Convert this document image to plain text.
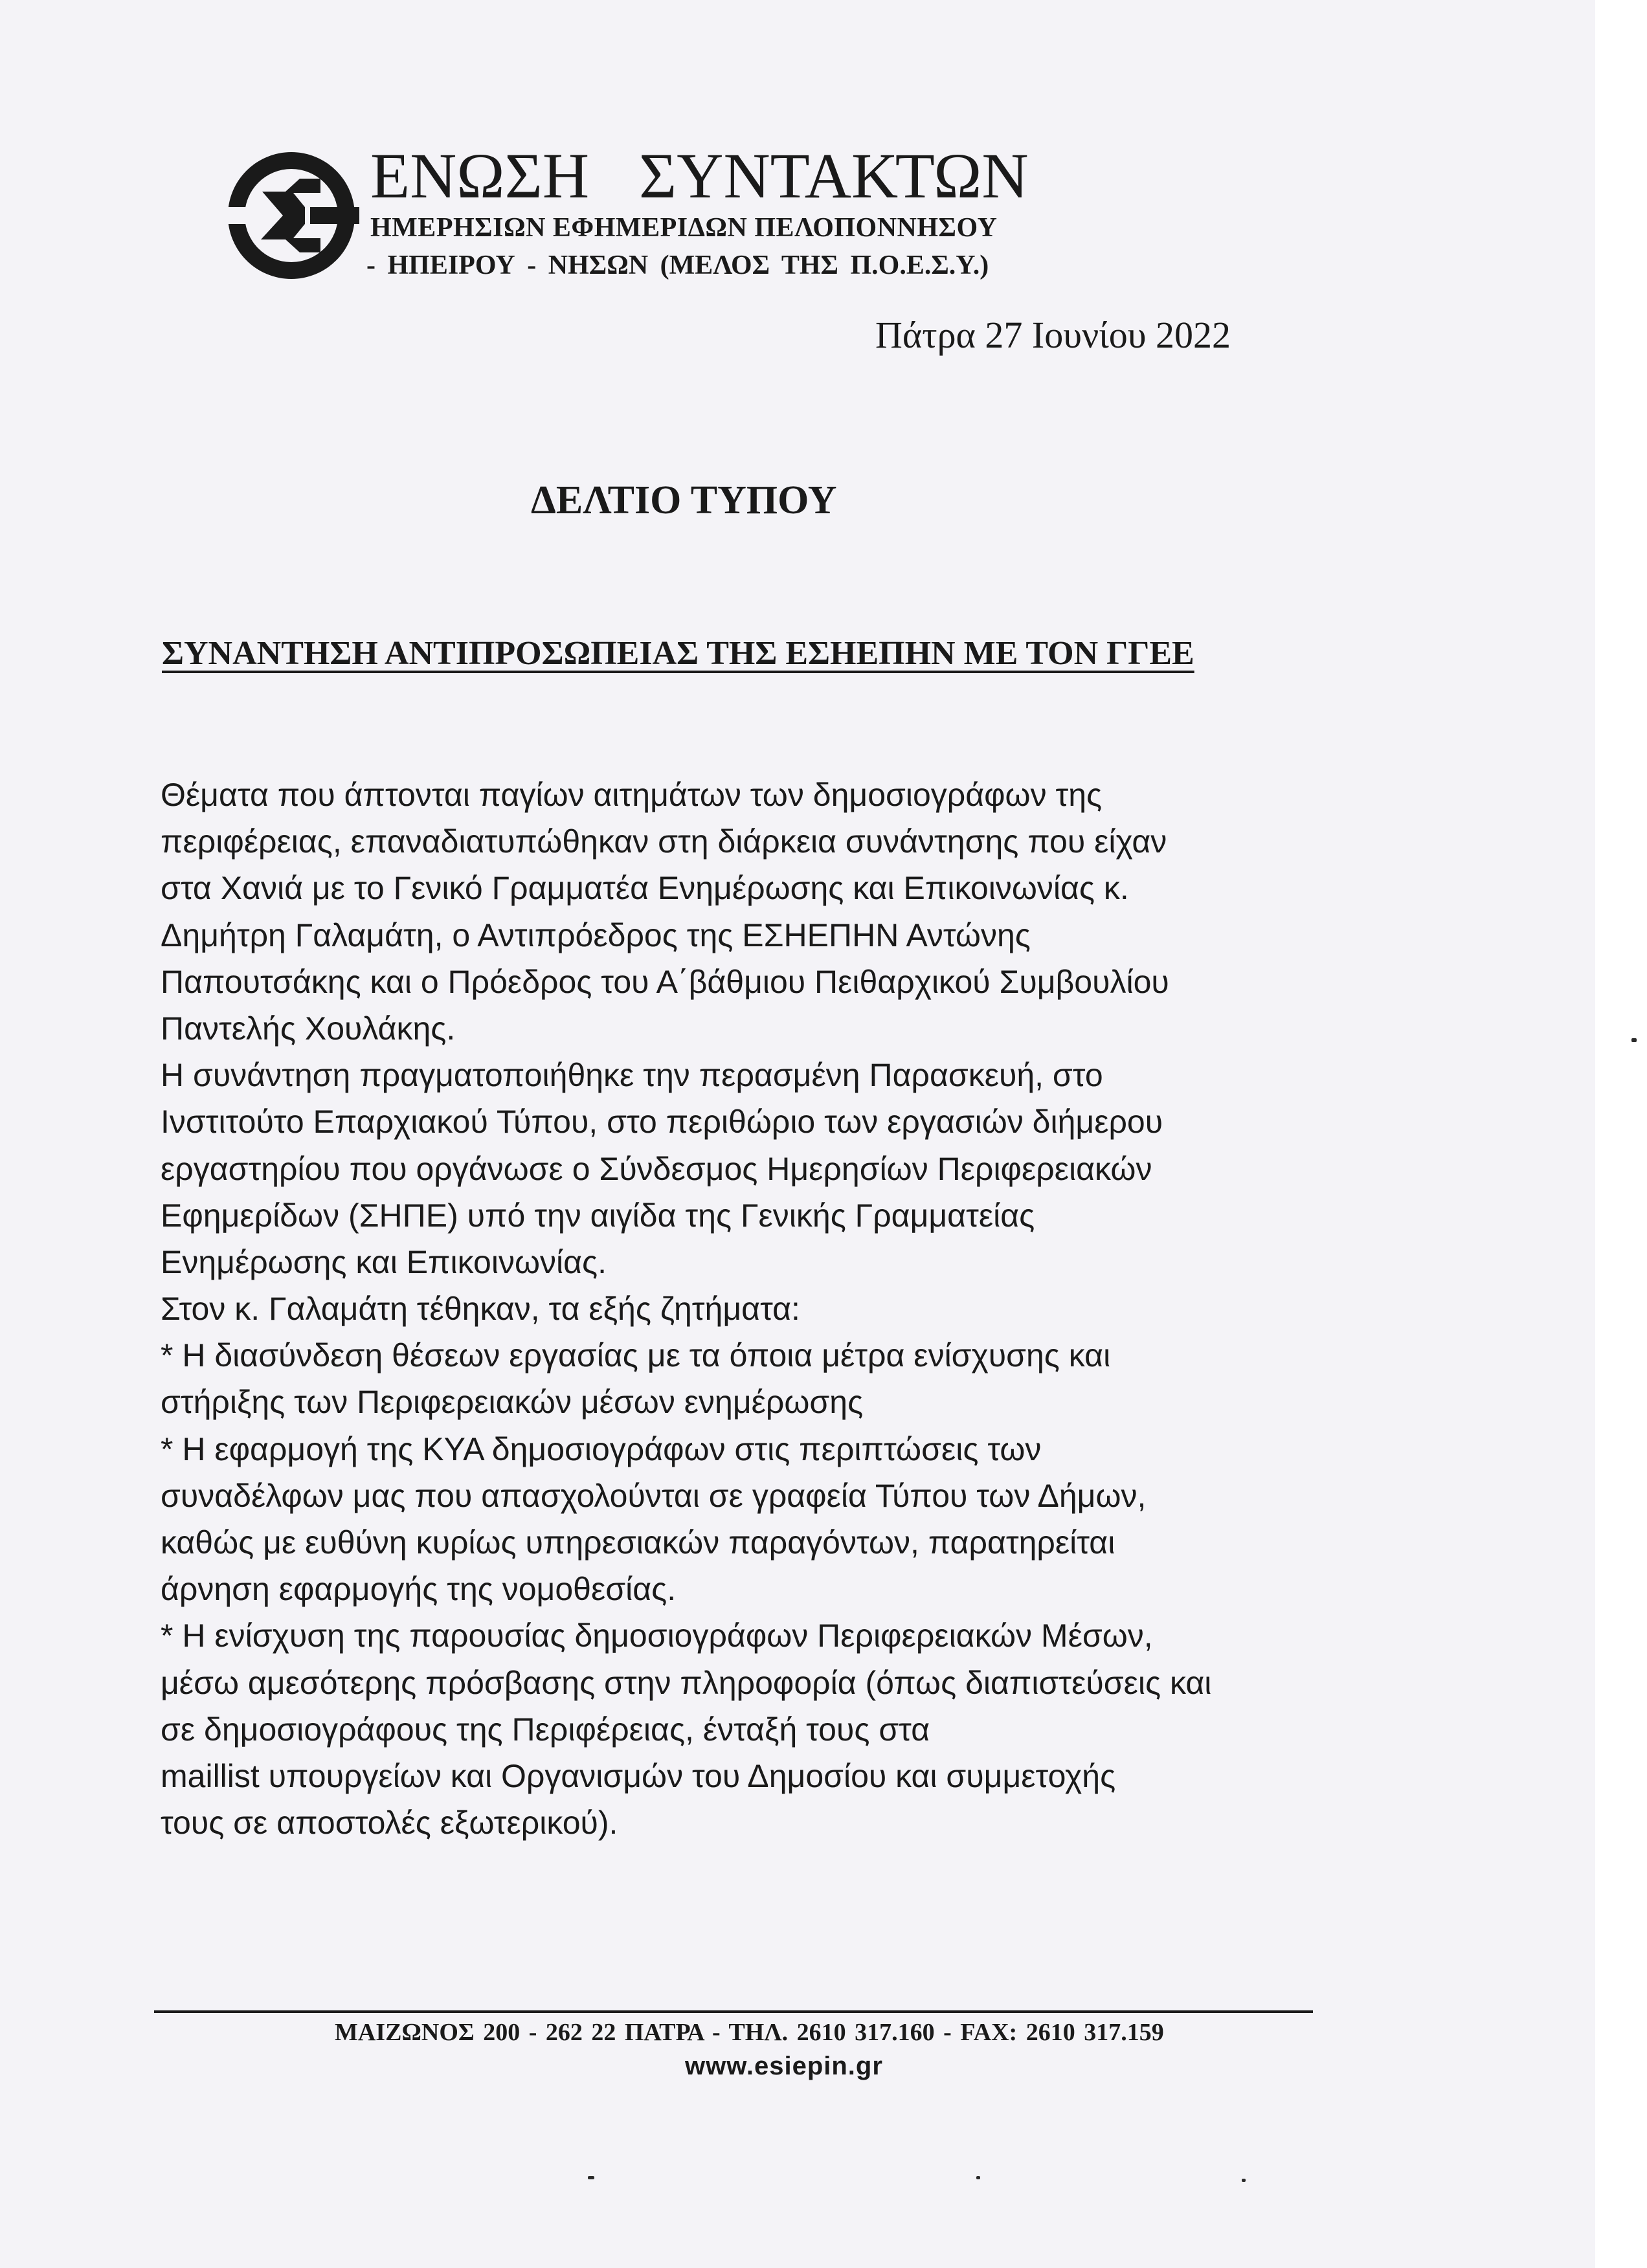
ΕΝΩΣΗ ΣΥΝΤΑΚΤΩΝ
ΗΜΕΡΗΣΙΩΝ ΕΦΗΜΕΡΙΔΩΝ ΠΕΛΟΠΟΝΝΗΣΟΥ
- ΗΠΕΙΡΟΥ - ΝΗΣΩΝ (ΜΕΛΟΣ ΤΗΣ Π.Ο.Ε.Σ.Υ.)
Πάτρα 27 Ιουνίου 2022
ΔΕΛΤΙΟ ΤΥΠΟΥ
ΣΥΝΑΝΤΗΣΗ ΑΝΤΙΠΡΟΣΩΠΕΙΑΣ ΤΗΣ ΕΣΗΕΠΗΝ ΜΕ ΤΟΝ ΓΓΕΕ
Θέματα που άπτονται παγίων αιτημάτων των δημοσιογράφων της
περιφέρειας, επαναδιατυπώθηκαν στη διάρκεια συνάντησης που είχαν
στα Χανιά με το Γενικό Γραμματέα Ενημέρωσης και Επικοινωνίας κ.
Δημήτρη Γαλαμάτη, ο Αντιπρόεδρος της ΕΣΗΕΠΗΝ Αντώνης
Παπουτσάκης και ο Πρόεδρος του Α΄βάθμιου Πειθαρχικού Συμβουλίου
Παντελής Χουλάκης.
Η συνάντηση πραγματοποιήθηκε την περασμένη Παρασκευή, στο
Ινστιτούτο Επαρχιακού Τύπου, στο περιθώριο των εργασιών διήμερου
εργαστηρίου που οργάνωσε ο Σύνδεσμος Ημερησίων Περιφερειακών
Εφημερίδων (ΣΗΠΕ) υπό την αιγίδα της Γενικής Γραμματείας
Ενημέρωσης και Επικοινωνίας.
Στον κ. Γαλαμάτη τέθηκαν, τα εξής ζητήματα:
* Η διασύνδεση θέσεων εργασίας με τα όποια μέτρα ενίσχυσης και
στήριξης των Περιφερειακών μέσων ενημέρωσης
* Η εφαρμογή της ΚΥΑ δημοσιογράφων στις περιπτώσεις των
συναδέλφων μας που απασχολούνται σε γραφεία Τύπου των Δήμων,
καθώς με ευθύνη κυρίως υπηρεσιακών παραγόντων, παρατηρείται
άρνηση εφαρμογής της νομοθεσίας.
* Η ενίσχυση της παρουσίας δημοσιογράφων Περιφερειακών Μέσων,
μέσω αμεσότερης πρόσβασης στην πληροφορία (όπως διαπιστεύσεις και
σε δημοσιογράφους της Περιφέρειας, ένταξή τους στα
maillist υπουργείων και Οργανισμών του Δημοσίου και συμμετοχής
τους σε αποστολές εξωτερικού).
ΜΑΙΖΩΝΟΣ 200 - 262 22 ΠΑΤΡΑ - ΤΗΛ. 2610 317.160 - FAX: 2610 317.159
www.esiepin.gr
